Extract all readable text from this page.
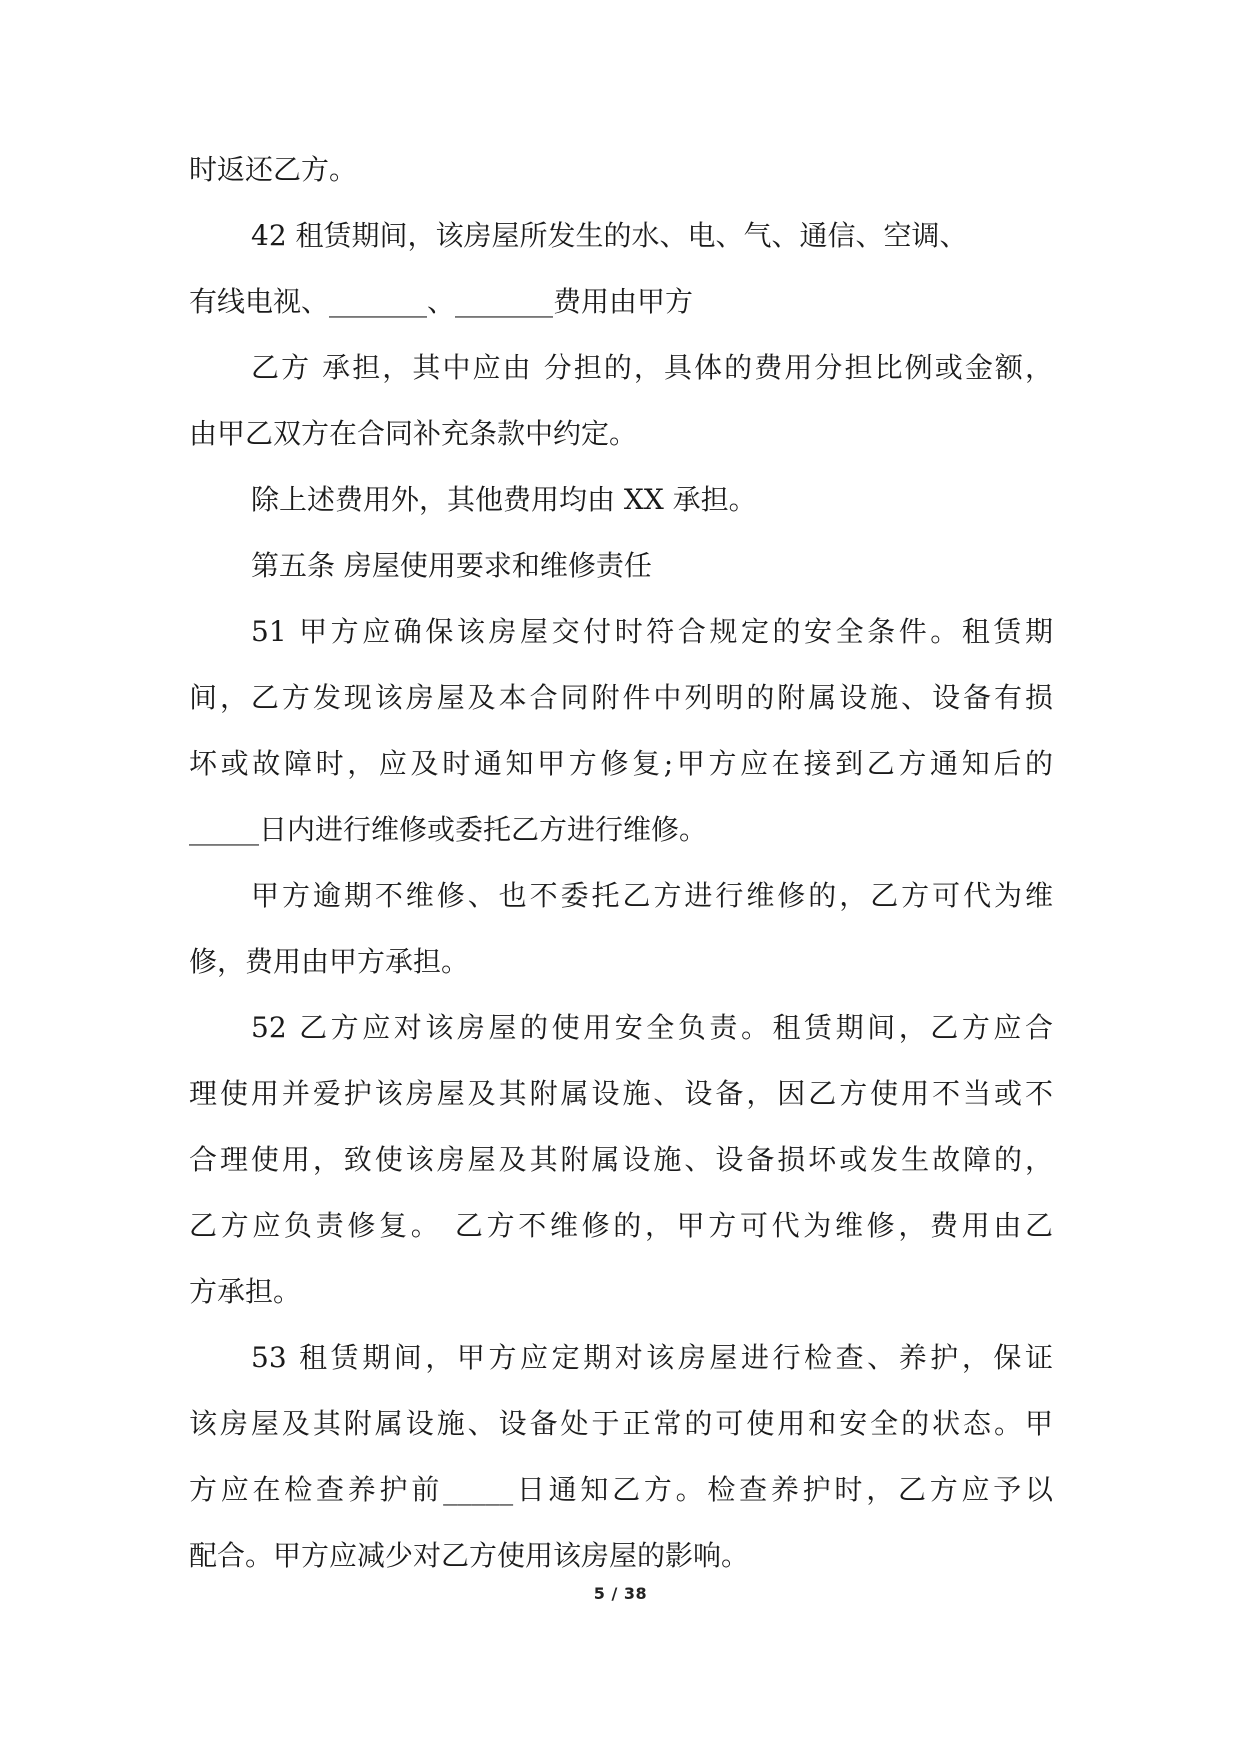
时返还乙方。
42 租赁期间，该房屋所发生的水、电、气、通信、空调、
有线电视、_______、_______费用由甲方
乙方 承担，其中应由 分担的，具体的费用分担比例或金额，
由甲乙双方在合同补充条款中约定。
除上述费用外，其他费用均由 XX 承担。
第五条 房屋使用要求和维修责任
51 甲方应确保该房屋交付时符合规定的安全条件。租赁期
间，乙方发现该房屋及本合同附件中列明的附属设施、设备有损
坏或故障时，应及时通知甲方修复;甲方应在接到乙方通知后的
_____日内进行维修或委托乙方进行维修。
甲方逾期不维修、也不委托乙方进行维修的，乙方可代为维
修，费用由甲方承担。
52 乙方应对该房屋的使用安全负责。租赁期间，乙方应合
理使用并爱护该房屋及其附属设施、设备，因乙方使用不当或不
合理使用，致使该房屋及其附属设施、设备损坏或发生故障的，
乙方应负责修复。 乙方不维修的，甲方可代为维修，费用由乙
方承担。
53 租赁期间，甲方应定期对该房屋进行检查、养护，保证
该房屋及其附属设施、设备处于正常的可使用和安全的状态。甲
方应在检查养护前_____日通知乙方。检查养护时，乙方应予以
配合。甲方应减少对乙方使用该房屋的影响。
5 / 38
